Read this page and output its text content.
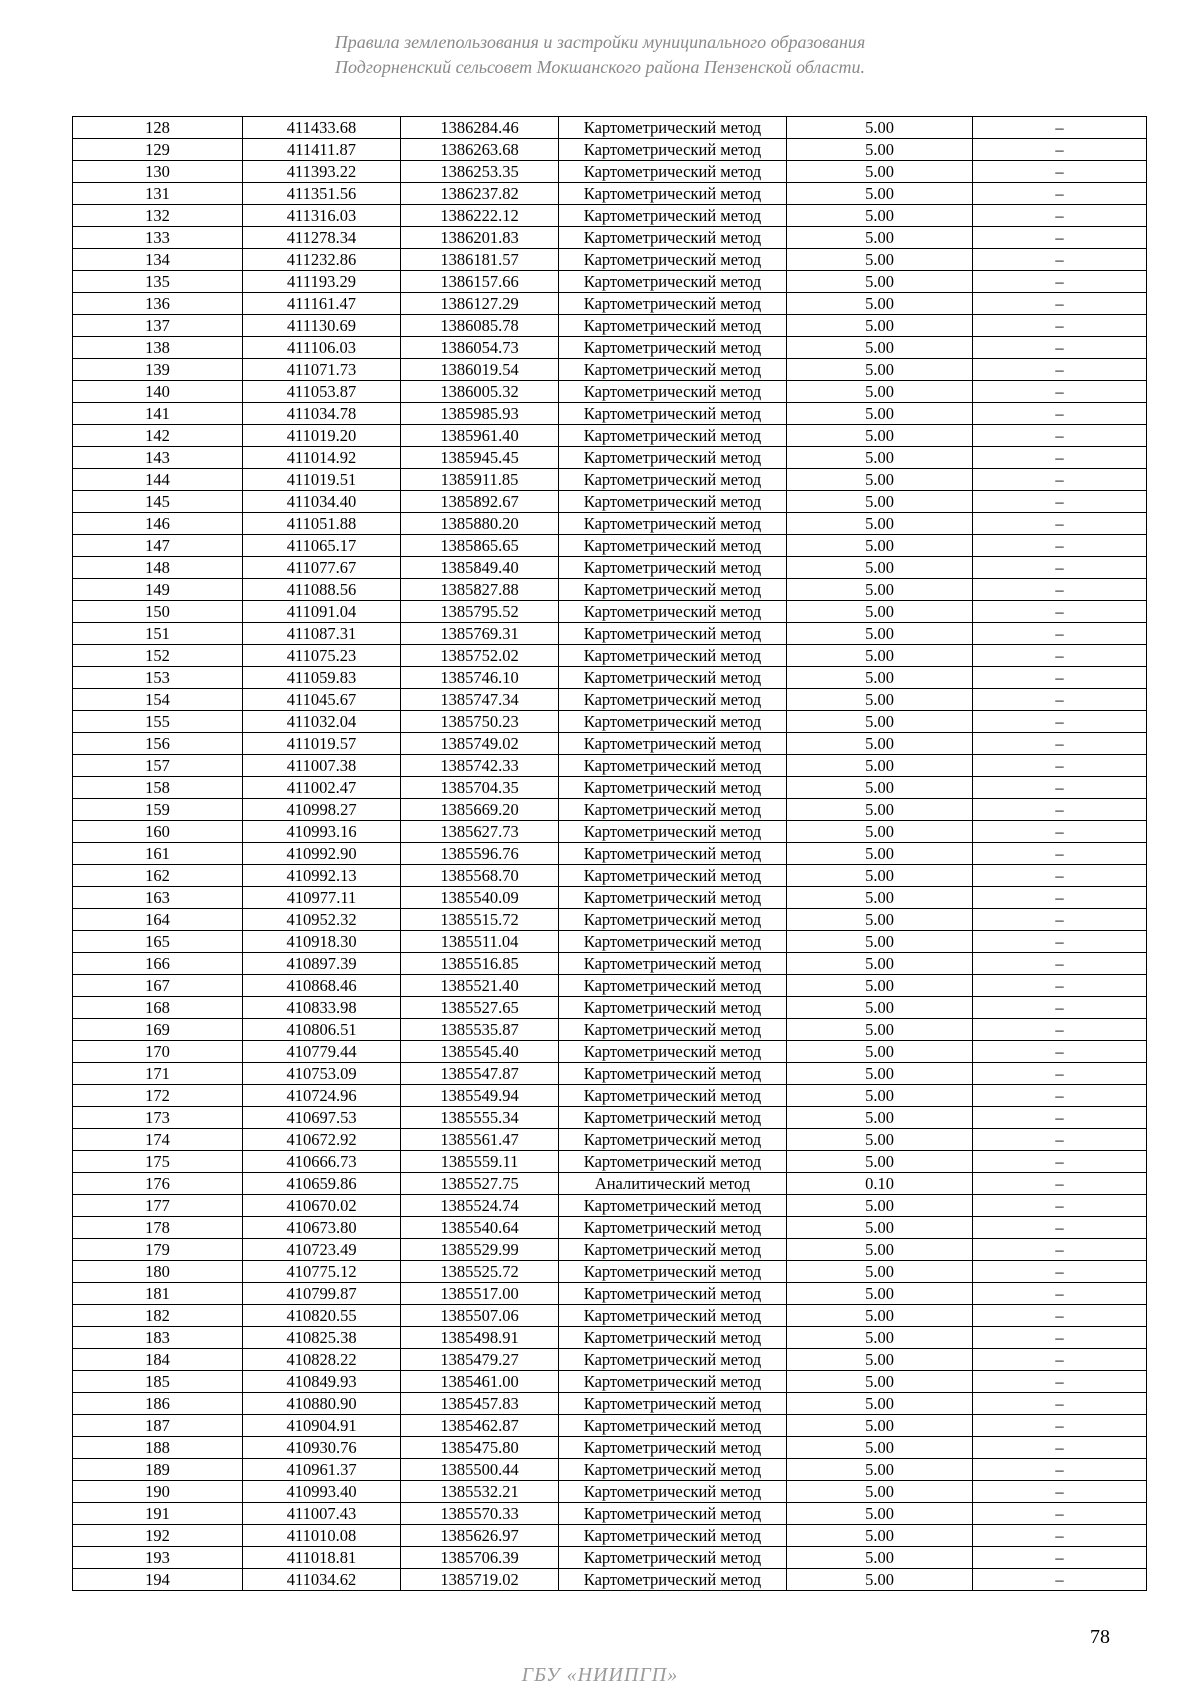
Правила землепользования и застройки муниципального образования
Подгорненский сельсовет Мокшанского района Пензенской области.
128	411433.68	1386284.46	Картометрический метод	5.00	–
129	411411.87	1386263.68	Картометрический метод	5.00	–
130	411393.22	1386253.35	Картометрический метод	5.00	–
131	411351.56	1386237.82	Картометрический метод	5.00	–
132	411316.03	1386222.12	Картометрический метод	5.00	–
133	411278.34	1386201.83	Картометрический метод	5.00	–
134	411232.86	1386181.57	Картометрический метод	5.00	–
135	411193.29	1386157.66	Картометрический метод	5.00	–
136	411161.47	1386127.29	Картометрический метод	5.00	–
137	411130.69	1386085.78	Картометрический метод	5.00	–
138	411106.03	1386054.73	Картометрический метод	5.00	–
139	411071.73	1386019.54	Картометрический метод	5.00	–
140	411053.87	1386005.32	Картометрический метод	5.00	–
141	411034.78	1385985.93	Картометрический метод	5.00	–
142	411019.20	1385961.40	Картометрический метод	5.00	–
143	411014.92	1385945.45	Картометрический метод	5.00	–
144	411019.51	1385911.85	Картометрический метод	5.00	–
145	411034.40	1385892.67	Картометрический метод	5.00	–
146	411051.88	1385880.20	Картометрический метод	5.00	–
147	411065.17	1385865.65	Картометрический метод	5.00	–
148	411077.67	1385849.40	Картометрический метод	5.00	–
149	411088.56	1385827.88	Картометрический метод	5.00	–
150	411091.04	1385795.52	Картометрический метод	5.00	–
151	411087.31	1385769.31	Картометрический метод	5.00	–
152	411075.23	1385752.02	Картометрический метод	5.00	–
153	411059.83	1385746.10	Картометрический метод	5.00	–
154	411045.67	1385747.34	Картометрический метод	5.00	–
155	411032.04	1385750.23	Картометрический метод	5.00	–
156	411019.57	1385749.02	Картометрический метод	5.00	–
157	411007.38	1385742.33	Картометрический метод	5.00	–
158	411002.47	1385704.35	Картометрический метод	5.00	–
159	410998.27	1385669.20	Картометрический метод	5.00	–
160	410993.16	1385627.73	Картометрический метод	5.00	–
161	410992.90	1385596.76	Картометрический метод	5.00	–
162	410992.13	1385568.70	Картометрический метод	5.00	–
163	410977.11	1385540.09	Картометрический метод	5.00	–
164	410952.32	1385515.72	Картометрический метод	5.00	–
165	410918.30	1385511.04	Картометрический метод	5.00	–
166	410897.39	1385516.85	Картометрический метод	5.00	–
167	410868.46	1385521.40	Картометрический метод	5.00	–
168	410833.98	1385527.65	Картометрический метод	5.00	–
169	410806.51	1385535.87	Картометрический метод	5.00	–
170	410779.44	1385545.40	Картометрический метод	5.00	–
171	410753.09	1385547.87	Картометрический метод	5.00	–
172	410724.96	1385549.94	Картометрический метод	5.00	–
173	410697.53	1385555.34	Картометрический метод	5.00	–
174	410672.92	1385561.47	Картометрический метод	5.00	–
175	410666.73	1385559.11	Картометрический метод	5.00	–
176	410659.86	1385527.75	Аналитический метод	0.10	–
177	410670.02	1385524.74	Картометрический метод	5.00	–
178	410673.80	1385540.64	Картометрический метод	5.00	–
179	410723.49	1385529.99	Картометрический метод	5.00	–
180	410775.12	1385525.72	Картометрический метод	5.00	–
181	410799.87	1385517.00	Картометрический метод	5.00	–
182	410820.55	1385507.06	Картометрический метод	5.00	–
183	410825.38	1385498.91	Картометрический метод	5.00	–
184	410828.22	1385479.27	Картометрический метод	5.00	–
185	410849.93	1385461.00	Картометрический метод	5.00	–
186	410880.90	1385457.83	Картометрический метод	5.00	–
187	410904.91	1385462.87	Картометрический метод	5.00	–
188	410930.76	1385475.80	Картометрический метод	5.00	–
189	410961.37	1385500.44	Картометрический метод	5.00	–
190	410993.40	1385532.21	Картометрический метод	5.00	–
191	411007.43	1385570.33	Картометрический метод	5.00	–
192	411010.08	1385626.97	Картометрический метод	5.00	–
193	411018.81	1385706.39	Картометрический метод	5.00	–
194	411034.62	1385719.02	Картометрический метод	5.00	–
78
ГБУ «НИИПГП»
